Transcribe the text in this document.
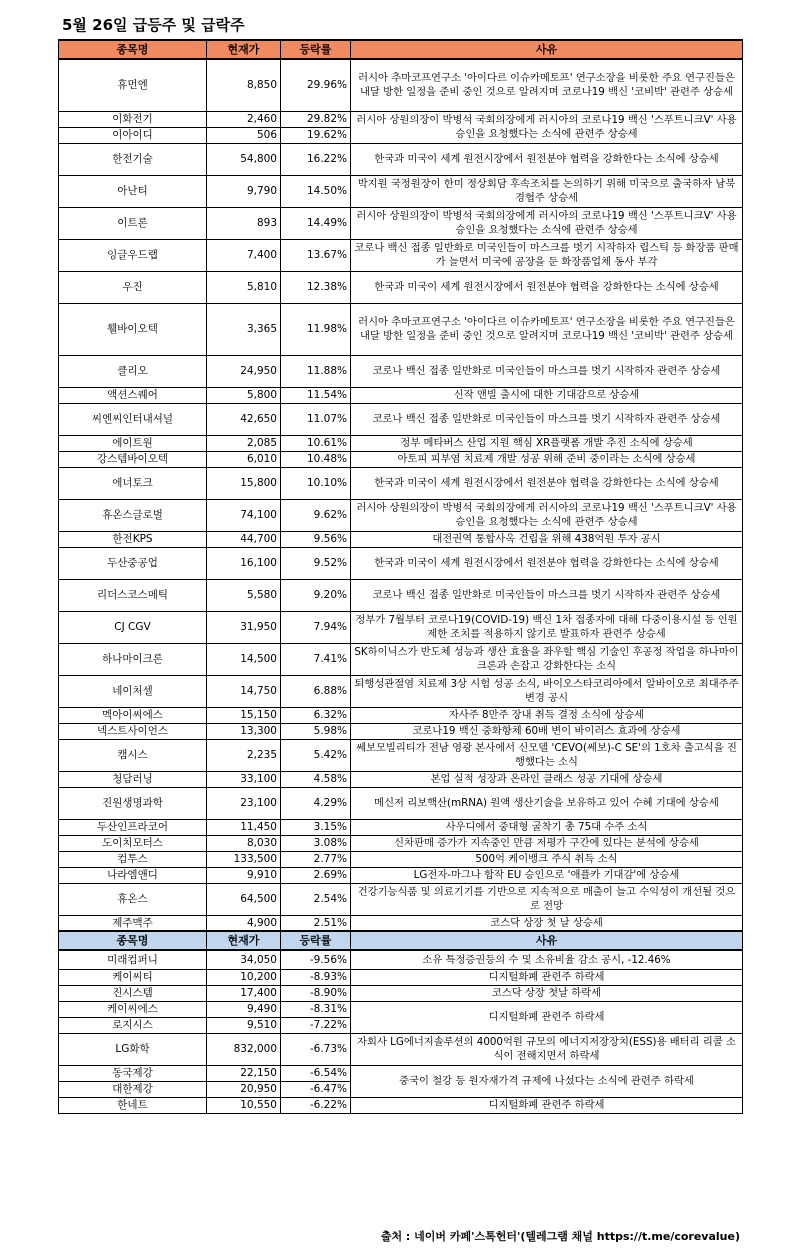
5월 26일 급등주 및 급락주
종목명	현재가	등락률	사유
휴먼엔	8,850	29.96%	러시아 추마코프연구소 '아이다르 이슈카메토프' 연구소장을 비롯한 주요 연구진들은 내달 방한 일정을 준비 중인 것으로 알려지며 코로나19 백신 '코비박' 관련주 상승세
이화전기	2,460	29.82%	러시아 상원의장이 박병석 국회의장에게 러시아의 코로나19 백신 '스푸트니크V' 사용승인을 요청했다는 소식에 관련주 상승세
이아이디	506	19.62%	
한전기술	54,800	16.22%	한국과 미국이 세계 원전시장에서 원전분야 협력을 강화한다는 소식에 상승세
아난티	9,790	14.50%	박지원 국정원장이 한미 정상회담 후속조치를 논의하기 위해 미국으로 출국하자 남북경협주 상승세
이트론	893	14.49%	러시아 상원의장이 박병석 국회의장에게 러시아의 코로나19 백신 '스푸트니크V' 사용승인을 요청했다는 소식에 관련주 상승세
잉글우드랩	7,400	13.67%	코로나 백신 접종 일반화로 미국인들이 마스크를 벗기 시작하자 립스틱 등 화장품 판매가 늘면서 미국에 공장을 둔 화장품업체 동사 부각
우진	5,810	12.38%	한국과 미국이 세계 원전시장에서 원전분야 협력을 강화한다는 소식에 상승세
휄바이오텍	3,365	11.98%	러시아 추마코프연구소 '아이다르 이슈카메토프' 연구소장을 비롯한 주요 연구진들은 내달 방한 일정을 준비 중인 것으로 알려지며 코로나19 백신 '코비박' 관련주 상승세
클리오	24,950	11.88%	코로나 백신 접종 일반화로 미국인들이 마스크를 벗기 시작하자 관련주 상승세
액션스퀘어	5,800	11.54%	신작 앤빌 출시에 대한 기대감으로 상승세
씨엔씨인터내셔널	42,650	11.07%	코로나 백신 접종 일반화로 미국인들이 마스크를 벗기 시작하자 관련주 상승세
에이트원	2,085	10.61%	정부 메타버스 산업 지원 핵심 XR플랫폼 개발 추진 소식에 상승세
강스템바이오텍	6,010	10.48%	아토피 피부염 치료제 개발 성공 위해 준비 중이라는 소식에 상승세
에너토크	15,800	10.10%	한국과 미국이 세계 원전시장에서 원전분야 협력을 강화한다는 소식에 상승세
휴온스글로벌	74,100	9.62%	러시아 상원의장이 박병석 국회의장에게 러시아의 코로나19 백신 '스푸트니크V' 사용승인을 요청했다는 소식에 관련주 상승세
한전KPS	44,700	9.56%	대전권역 통합사옥 건립을 위해 438억원 투자 공시
두산중공업	16,100	9.52%	한국과 미국이 세계 원전시장에서 원전분야 협력을 강화한다는 소식에 상승세
리더스코스메틱	5,580	9.20%	코로나 백신 접종 일반화로 미국인들이 마스크를 벗기 시작하자 관련주 상승세
CJ CGV	31,950	7.94%	정부가 7월부터 코로나19(COVID-19) 백신 1차 접종자에 대해 다중이용시설 등 인원제한 조치를 적용하지 않기로 발표하자 관련주 상승세
하나마이크론	14,500	7.41%	SK하이닉스가 반도체 성능과 생산 효율을 좌우할 핵심 기술인 후공정 작업을 하나마이크론과 손잡고 강화한다는 소식
네이처셀	14,750	6.88%	퇴행성관절염 치료제 3상 시험 성공 소식, 바이오스타코리아에서 알바이오로 최대주주 변경 공시
멕아이씨에스	15,150	6.32%	자사주 8만주 장내 취득 결정 소식에 상승세
넥스트사이언스	13,300	5.98%	코로나19 백신 중화항체 60배 변이 바이러스 효과에 상승세
캠시스	2,235	5.42%	쎄보모빌리티가 전남 영광 본사에서 신모델 'CEVO(쎄보)-C SE'의 1호차 출고식을 진행했다는 소식
청담러닝	33,100	4.58%	본업 실적 성장과 온라인 클래스 성공 기대에 상승세
진원생명과학	23,100	4.29%	메신저 리보핵산(mRNA) 원액 생산기술을 보유하고 있어 수혜 기대에 상승세
두산인프라코어	11,450	3.15%	사우디에서 중대형 굴착기 총 75대 수주 소식
도이치모터스	8,030	3.08%	신차판매 증가가 지속중인 만큼 저평가 구간에 있다는 분석에 상승세
컴투스	133,500	2.77%	500억 케이뱅크 주식 취득 소식
나라엠앤디	9,910	2.69%	LG전자-마그나 합작 EU 승인으로 '애플카 기대감'에 상승세
휴온스	64,500	2.54%	건강기능식품 및 의료기기를 기반으로 지속적으로 매출이 늘고 수익성이 개선될 것으로 전망
제주맥주	4,900	2.51%	코스닥 상장 첫 날 상승세
종목명	현재가	등락률	사유
미래컴퍼니	34,050	-9.56%	소유 특정증권등의 수 및 소유비율 감소 공시, -12.46%
케이씨티	10,200	-8.93%	디지털화폐 관련주 하락세
진시스템	17,400	-8.90%	코스닥 상장 첫날 하락세
케이씨에스	9,490	-8.31%	디지털화폐 관련주 하락세
로지시스	9,510	-7.22%	
LG화학	832,000	-6.73%	자회사 LG에너지솔루션의 4000억원 규모의 에너지저장장치(ESS)용 배터리 리콜 소식이 전해지면서 하락세
동국제강	22,150	-6.54%	중국이 철강 등 원자재가격 규제에 나섰다는 소식에 관련주 하락세
대한제강	20,950	-6.47%	
한네트	10,550	-6.22%	디지털화폐 관련주 하락세
출처 : 네이버 카페'스톡헌터'(텔레그램 채널 https://t.me/corevalue)
